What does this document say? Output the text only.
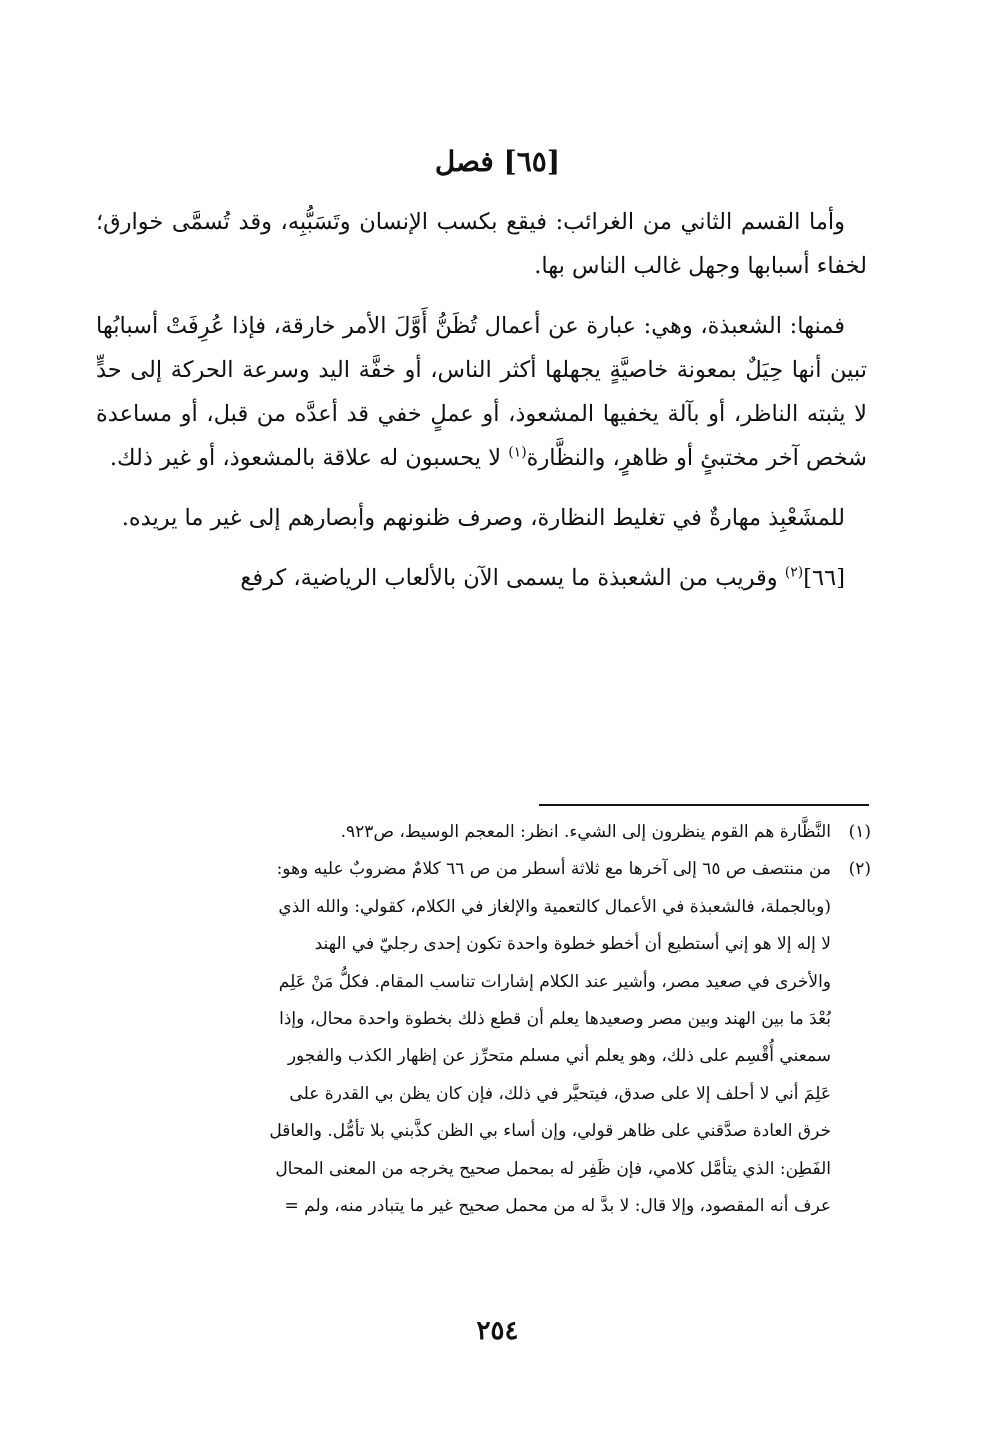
[٦٥] فصل

وأما القسم الثاني من الغرائب: فيقع بكسب الإنسان وتَسَبُّبِه، وقد تُسمَّى خوارق؛ لخفاء أسبابها وجهل غالب الناس بها.

فمنها: الشعبذة، وهي: عبارة عن أعمال تُظَنُّ أَوَّلَ الأمر خارقة، فإذا عُرِفَتْ أسبابُها تبين أنها حِيَلٌ بمعونة خاصيَّةٍ يجهلها أكثر الناس، أو خفَّة اليد وسرعة الحركة إلى حدٍّ لا يثبته الناظر، أو بآلة يخفيها المشعوذ، أو عملٍ خفي قد أعدَّه من قبل، أو مساعدة شخص آخر مختبئٍ أو ظاهرٍ، والنظَّارة$^{(١)}$ لا يحسبون له علاقة بالمشعوذ، أو غير ذلك.

للمشَعْبِذ مهارةٌ في تغليط النظارة، وصرف ظنونهم وأبصارهم إلى غير ما يريده.

[٦٦]$^{(٢)}$ وقريب من الشعبذة ما يسمى الآن بالألعاب الرياضية، كرفع

(١)
النَّظَّارة هم القوم ينظرون إلى الشيء. انظر: المعجم الوسيط، ص٩٢٣.
(٢)
من منتصف ص ٦٥ إلى آخرها مع ثلاثة أسطر من ص ٦٦ كلامٌ مضروبٌ عليه وهو:
(وبالجملة، فالشعبذة في الأعمال كالتعمية والإلغاز في الكلام، كقولي: والله الذي
لا إله إلا هو إني أستطيع أن أخطو خطوة واحدة تكون إحدى رجليّ في الهند
والأخرى في صعيد مصر، وأشير عند الكلام إشارات تناسب المقام. فكلُّ مَنْ عَلِم
بُعْدَ ما بين الهند وبين مصر وصعيدها يعلم أن قطع ذلك بخطوة واحدة محال، وإذا
سمعني أُقْسِم على ذلك، وهو يعلم أني مسلم متحرِّز عن إظهار الكذب والفجور
عَلِمَ أني لا أحلف إلا على صدق، فيتحيَّر في ذلك، فإن كان يظن بي القدرة على
خرق العادة صدَّقني على ظاهر قولي، وإن أساء بي الظن كذَّبني بلا تأمُّل. والعاقل
الفَطِن: الذي يتأمَّل كلامي، فإن ظَفِر له بمحمل صحيح يخرجه من المعنى المحال
عرف أنه المقصود، وإلا قال: لا بدَّ له من محمل صحيح غير ما يتبادر منه، ولم =
٢٥٤
